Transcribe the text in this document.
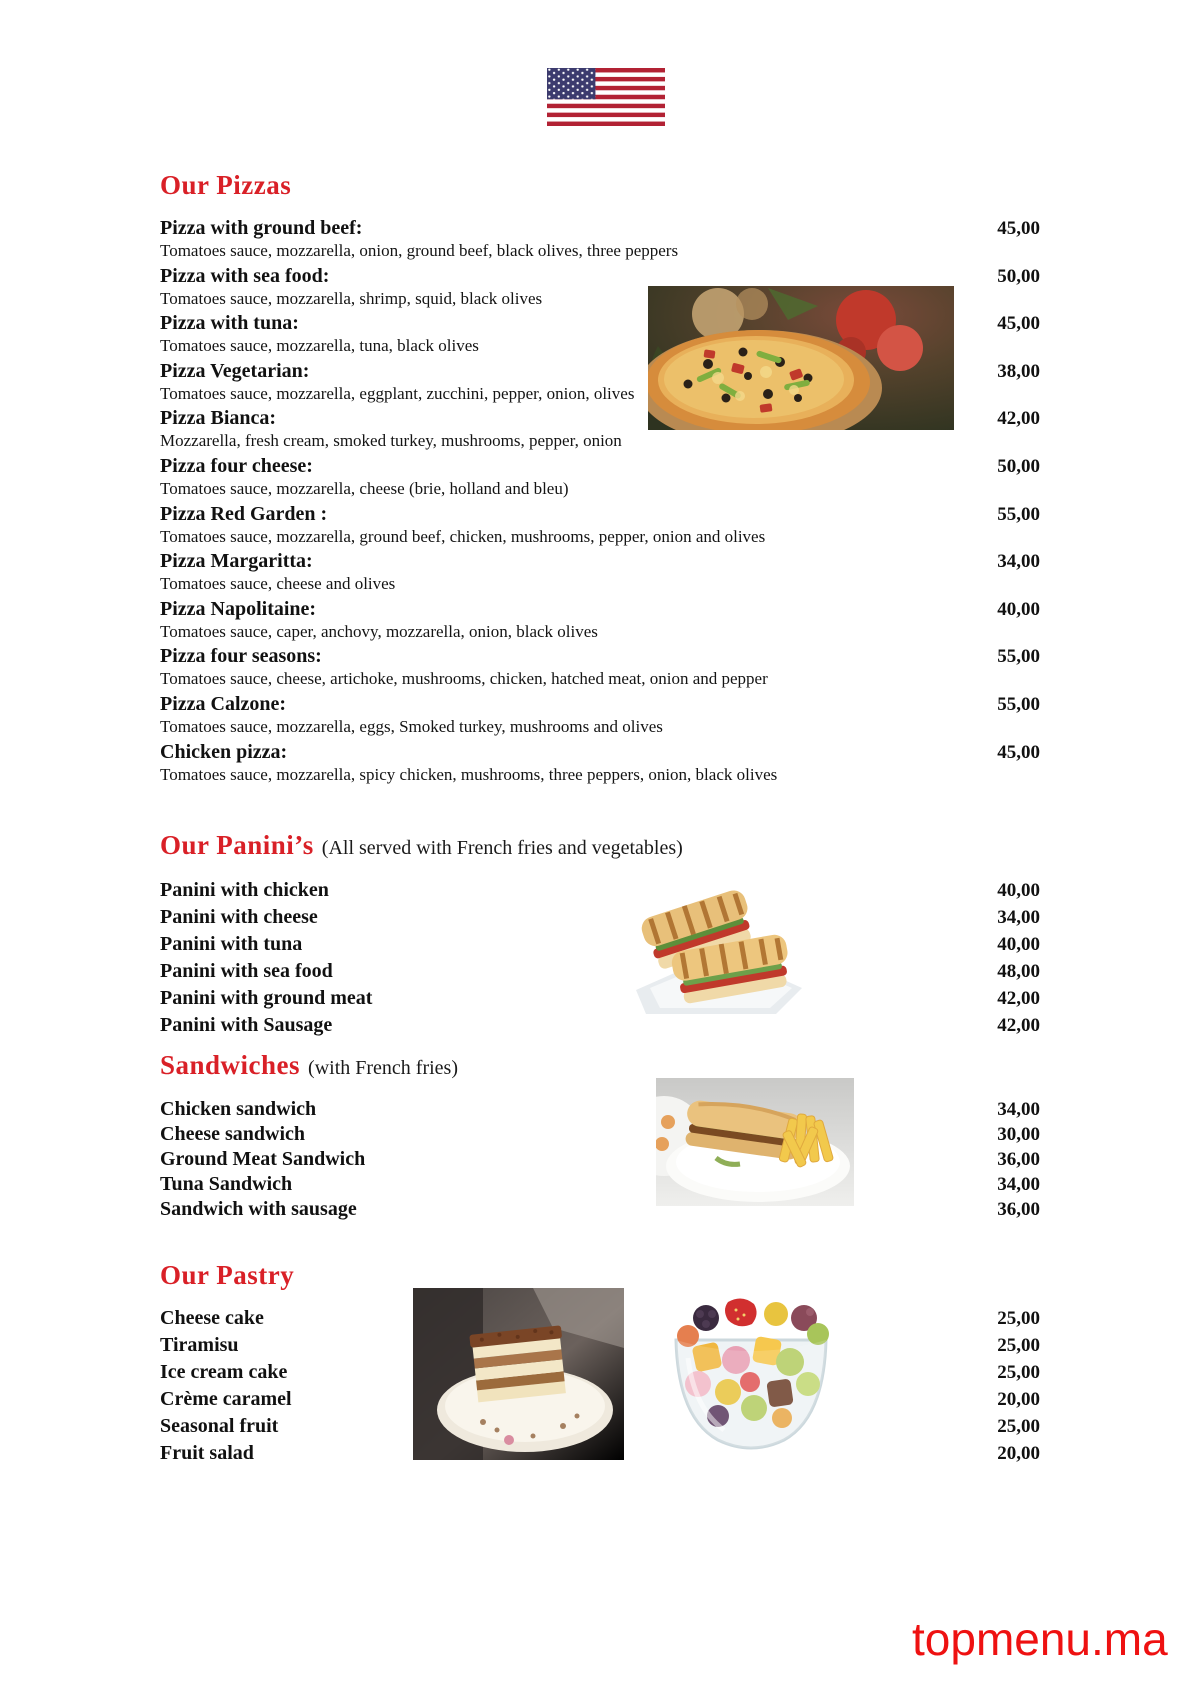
Our Pizzas
Pizza with ground beef:
Tomatoes sauce, mozzarella, onion, ground beef, black olives, three peppers
45,00
Pizza with sea food:
Tomatoes sauce, mozzarella, shrimp, squid, black olives
50,00
Pizza with tuna:
Tomatoes sauce, mozzarella, tuna, black olives
45,00
Pizza Vegetarian:
Tomatoes sauce, mozzarella, eggplant, zucchini, pepper, onion, olives
38,00
Pizza Bianca:
Mozzarella, fresh cream, smoked turkey, mushrooms, pepper, onion
42,00
Pizza four cheese:
Tomatoes sauce, mozzarella, cheese (brie, holland and bleu)
50,00
Pizza Red Garden :
Tomatoes sauce, mozzarella, ground beef, chicken, mushrooms, pepper, onion and olives
55,00
Pizza Margaritta:
Tomatoes sauce, cheese and olives
34,00
Pizza Napolitaine:
Tomatoes sauce, caper, anchovy, mozzarella, onion, black olives
40,00
Pizza four seasons:
Tomatoes sauce, cheese, artichoke, mushrooms, chicken, hatched meat, onion and pepper
55,00
Pizza Calzone:
Tomatoes sauce, mozzarella, eggs, Smoked turkey, mushrooms and olives
55,00
Chicken pizza:
Tomatoes sauce, mozzarella, spicy chicken, mushrooms, three peppers, onion, black olives
45,00
Our Panini’s (All served with French fries and vegetables)
Panini with chicken	40,00
Panini with cheese	34,00
Panini with tuna	40,00
Panini with sea food	48,00
Panini with ground meat	42,00
Panini with Sausage	42,00
Sandwiches (with French fries)
Chicken sandwich	34,00
Cheese sandwich	30,00
Ground Meat Sandwich	36,00
Tuna Sandwich	34,00
Sandwich with sausage	36,00
Our Pastry
Cheese cake	25,00
Tiramisu	25,00
Ice cream cake	25,00
Crème caramel	20,00
Seasonal fruit	25,00
Fruit salad	20,00
topmenu.ma
